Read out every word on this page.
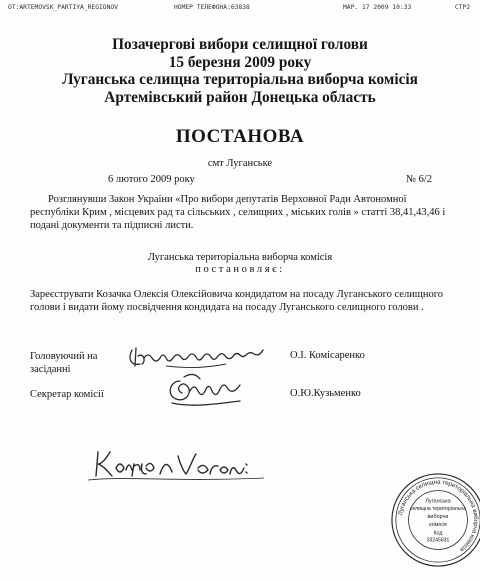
OT:ARTEMOVSK_PARTIYA_REGIONOV	НОМЕР ТЕЛЕФОНА:63838	МАР. 17 2009 10:33	СТР2
Позачергові вибори селищної голови
15 березня 2009 року
Луганська селищна територіальна виборча комісія
Артемівський район Донецька область
ПОСТАНОВА
смт Луганське
6 лютого 2009 року	№ 6/2
Розглянувши Закон України «Про вибори депутатів Верховної Ради Автономної республіки Крим , місцевих рад та сільських , селищних , міських голів » статті 38,41,43,46 і подані документи та підписні листи.
Луганська територіальна виборча комісія
постановляє:
Зареєструвати Козачка Олексія Олексійовича кондидатом на посаду Луганського селищного голови і видати йому посвідчення кондидата на посаду Луганського селищного голови .
Головуючий на засіданні
О.І. Комісаренко
Секретар комісії	О.Ю.Кузьменко
Луганська селищна територіальна виборча комісія
Луганська
селищна територіальна
виборча
комісія
Код
33245831
